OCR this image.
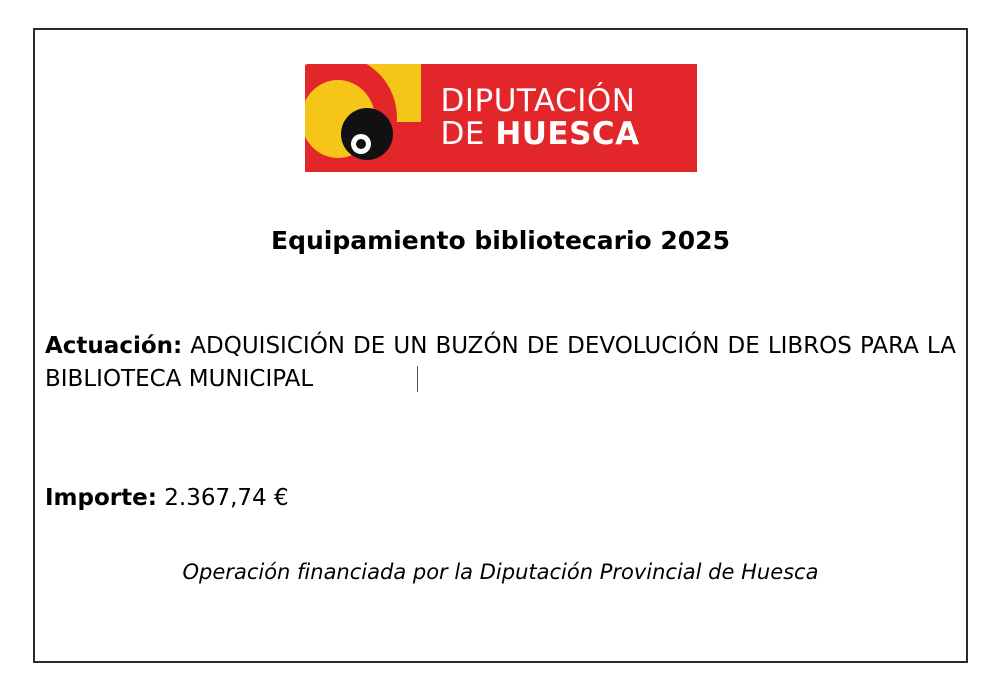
DIPUTACIÓN
DE HUESCA
Equipamiento bibliotecario 2025
Actuación: ADQUISICIÓN DE UN BUZÓN DE DEVOLUCIÓN DE LIBROS PARA LA BIBLIOTECA MUNICIPAL
Importe: 2.367,74 €
Operación financiada por la Diputación Provincial de Huesca
